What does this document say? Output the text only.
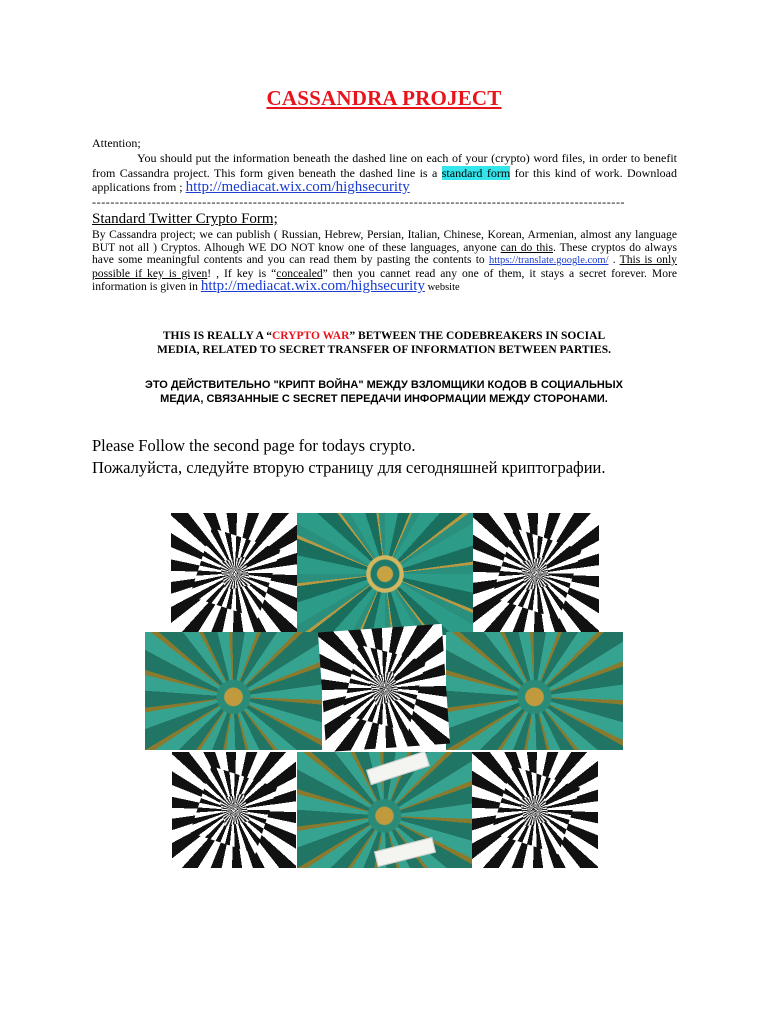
CASSANDRA PROJECT
Attention;
You should put the information beneath the dashed line on each of your (crypto) word files, in order to benefit from Cassandra project. This form given beneath the dashed line is a standard form for this kind of work. Download applications from ; http://mediacat.wix.com/highsecurity
--------------------------------------------------------------------------------------------------------------------
Standard Twitter Crypto Form;
By Cassandra project; we can publish ( Russian, Hebrew, Persian, Italian, Chinese, Korean, Armenian, almost any language BUT not all ) Cryptos. Alhough WE DO NOT know one of these languages, anyone can do this. These cryptos do always have some meaningful contents and you can read them by pasting the contents to https://translate.google.com/ . This is only possible if key is given! , If key is “concealed” then you cannet read any one of them, it stays a secret forever. More information is given in http://mediacat.wix.com/highsecurity website
THIS IS REALLY A “CRYPTO WAR” BETWEEN THE CODEBREAKERS IN SOCIAL
MEDIA, RELATED TO SECRET TRANSFER OF INFORMATION BETWEEN PARTIES.
ЭТО ДЕЙСТВИТЕЛЬНО "КРИПТ ВОЙНА" МЕЖДУ ВЗЛОМЩИКИ КОДОВ В СОЦИАЛЬНЫХ
МЕДИА, СВЯЗАННЫЕ С SECRET ПЕРЕДАЧИ ИНФОРМАЦИИ МЕЖДУ СТОРОНАМИ.
Please Follow the second page for todays crypto.
Пожалуйста, следуйте вторую страницу для сегодняшней криптографии.
